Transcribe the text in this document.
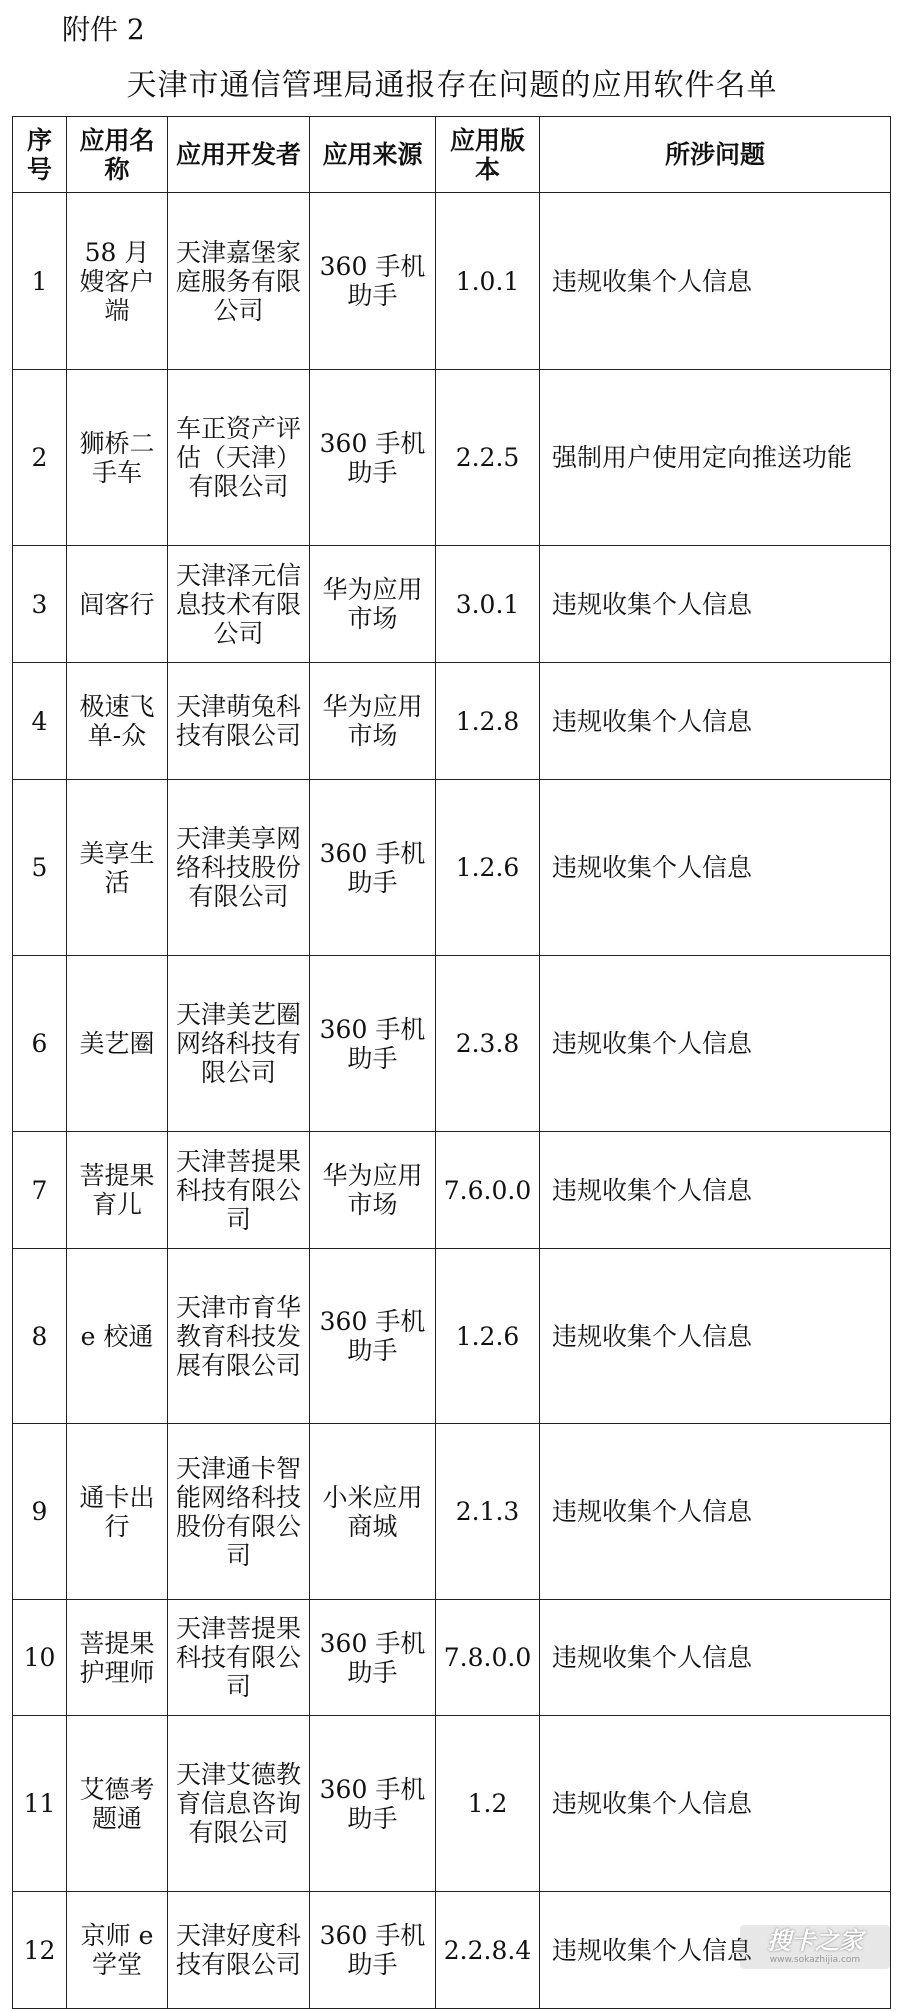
附件 2
天津市通信管理局通报存在问题的应用软件名单
序号	应用名称	应用开发者	应用来源	应用版本	所涉问题
1	58 月嫂客户端	天津嘉堡家庭服务有限公司	360 手机助手	1.0.1	违规收集个人信息
2	狮桥二手车	车正资产评估（天津）有限公司	360 手机助手	2.2.5	强制用户使用定向推送功能
3	闾客行	天津泽元信息技术有限公司	华为应用市场	3.0.1	违规收集个人信息
4	极速飞单-众	天津萌兔科技有限公司	华为应用市场	1.2.8	违规收集个人信息
5	美享生活	天津美享网络科技股份有限公司	360 手机助手	1.2.6	违规收集个人信息
6	美艺圈	天津美艺圈网络科技有限公司	360 手机助手	2.3.8	违规收集个人信息
7	菩提果育儿	天津菩提果科技有限公司	华为应用市场	7.6.0.0	违规收集个人信息
8	e 校通	天津市育华教育科技发展有限公司	360 手机助手	1.2.6	违规收集个人信息
9	通卡出行	天津通卡智能网络科技股份有限公司	小米应用商城	2.1.3	违规收集个人信息
10	菩提果护理师	天津菩提果科技有限公司	360 手机助手	7.8.0.0	违规收集个人信息
11	艾德考题通	天津艾德教育信息咨询有限公司	360 手机助手	1.2	违规收集个人信息
12	京师 e 学堂	天津好度科技有限公司	360 手机助手	2.2.8.4	违规收集个人信息 搜卡之家
www.sokazhijia.com
